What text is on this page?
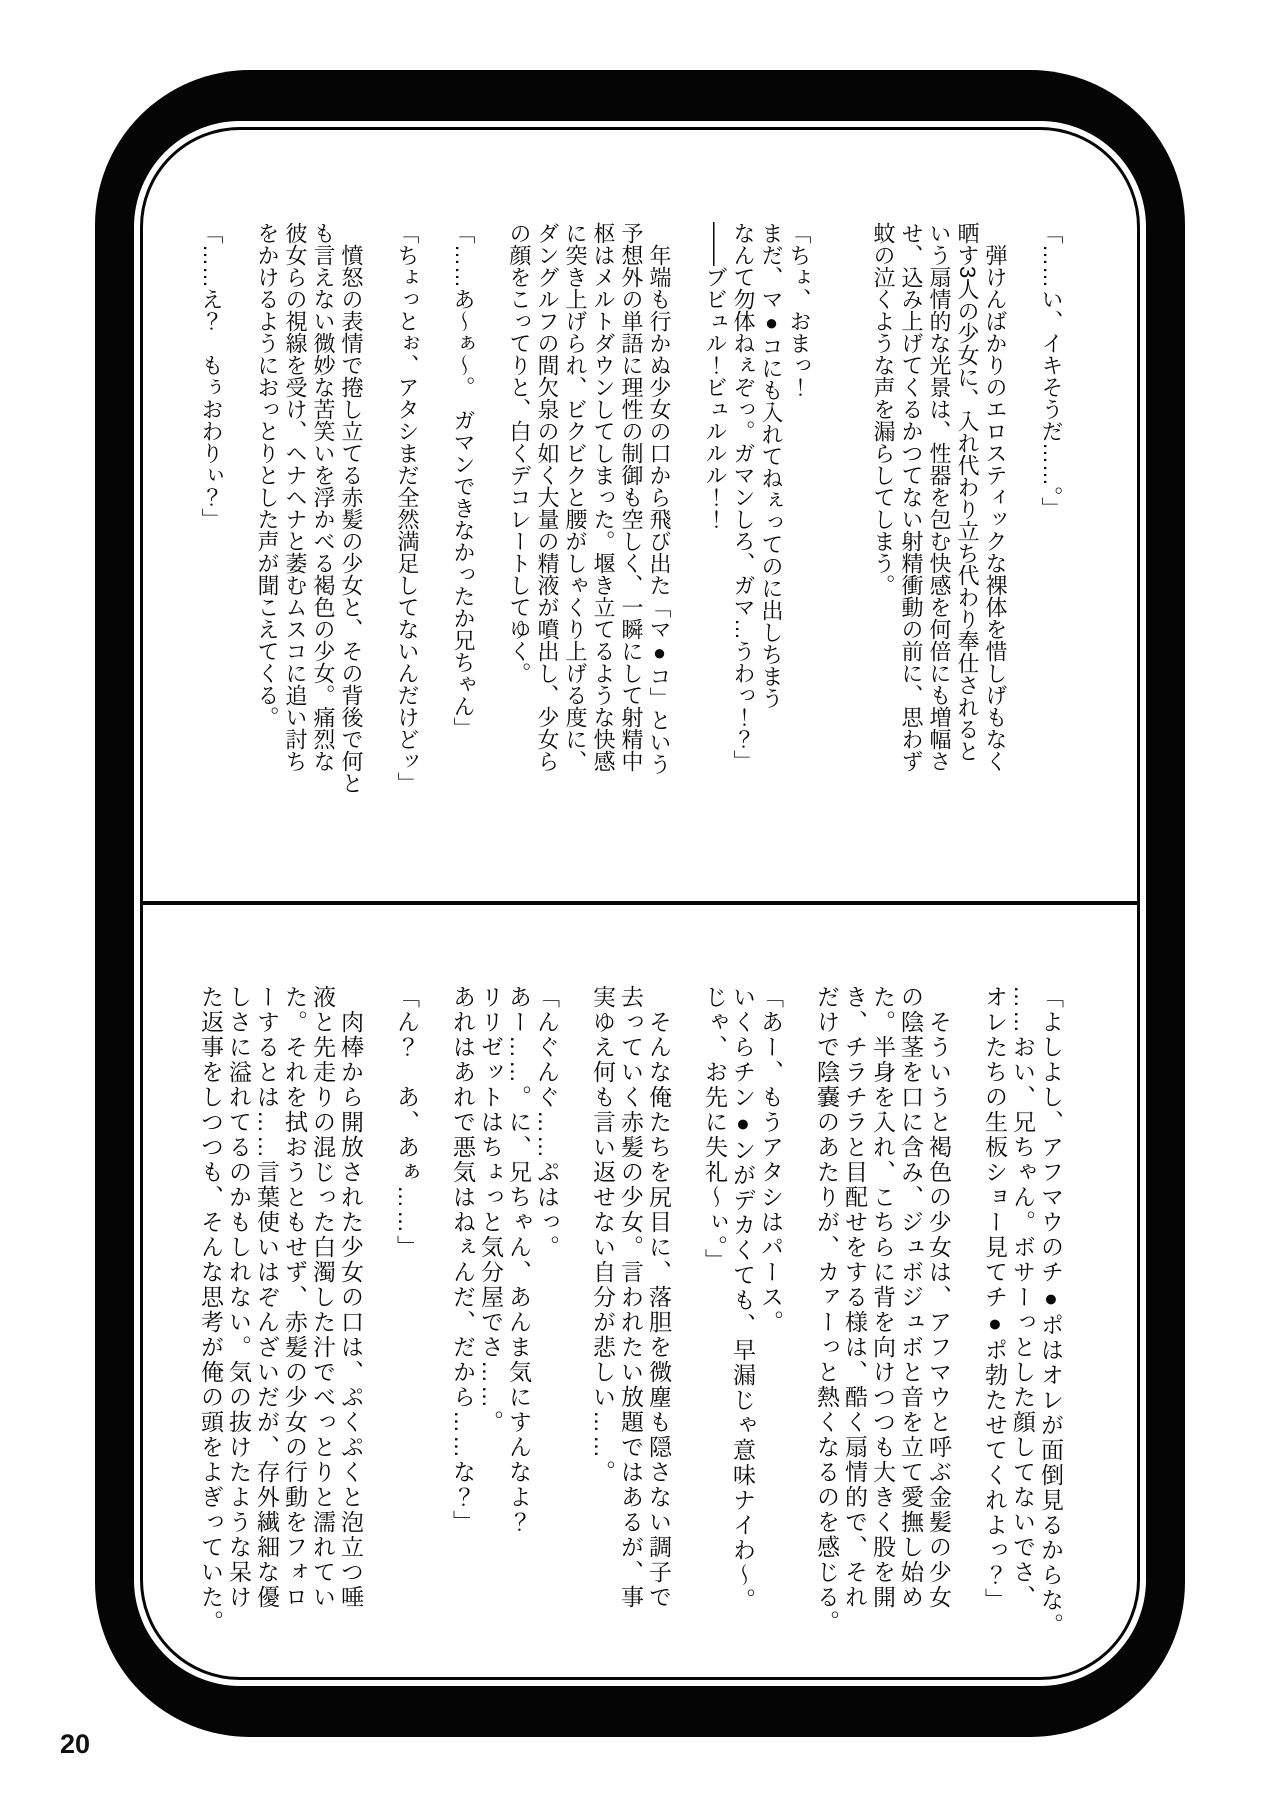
「……い、イキそうだ……。」

　弾けんばかりのエロスティックな裸体を惜しげもなく
晒す3人の少女に、入れ代わり立ち代わり奉仕されると
いう扇情的な光景は、性器を包む快感を何倍にも増幅さ
せ、込み上げてくるかつてない射精衝動の前に、思わず
蚊の泣くような声を漏らしてしまう。

「ちょ、おまっ！
まだ、マ●コにも入れてねぇってのに出しちまう
なんて勿体ねぇぞっ。ガマンしろ、ガマ…うわっ！？」
――ブビュル！ビュルルル！！

　年端も行かぬ少女の口から飛び出た「マ●コ」という
予想外の単語に理性の制御も空しく、一瞬にして射精中
枢はメルトダウンしてしまった。堰き立てるような快感
に突き上げられ、ビクビクと腰がしゃくり上げる度に、
ダングルフの間欠泉の如く大量の精液が噴出し、少女ら
の顔をこってりと、白くデコレートしてゆく。

「……あ～ぁ～。　ガマンできなかったか兄ちゃん」

「ちょっとぉ、アタシまだ全然満足してないんだけどッ」

　憤怒の表情で捲し立てる赤髪の少女と、その背後で何と
も言えない微妙な苦笑いを浮かべる褐色の少女。痛烈な
彼女らの視線を受け、ヘナヘナと萎むムスコに追い討ち
をかけるようにおっとりとした声が聞こえてくる。

「……え？　もぅおわりぃ？」
「よしよし、アフマウのチ●ポはオレが面倒見るからな。
……おい、兄ちゃん。ボサーっとした顔してないでさ、
オレたちの生板ショー見てチ●ポ勃たせてくれよっ？」

　そういうと褐色の少女は、アフマウと呼ぶ金髪の少女
の陰茎を口に含み、ジュボジュボと音を立て愛撫し始め
た。半身を入れ、こちらに背を向けつつも大きく股を開
き、チラチラと目配せをする様は、酷く扇情的で、それ
だけで陰嚢のあたりが、カァーっと熱くなるのを感じる。

「あー、もうアタシはパース。
いくらチン●ンがデカくても、早漏じゃ意味ナイわ～。
じゃ、お先に失礼～ぃ。」

　そんな俺たちを尻目に、落胆を微塵も隠さない調子で
去っていく赤髪の少女。言われたい放題ではあるが、事
実ゆえ何も言い返せない自分が悲しい……。

「んぐんぐ……ぷはっ。
あー……。に、兄ちゃん、あんま気にすんなよ？
リリゼットはちょっと気分屋でさ……。
あれはあれで悪気はねぇんだ、だから……な？」

「ん？　あ、あぁ……」

　肉棒から開放された少女の口は、ぷくぷくと泡立つ唾
液と先走りの混じった白濁した汁でべっとりと濡れてい
た。それを拭おうともせず、赤髪の少女の行動をフォロ
ーするとは……言葉使いはぞんざいだが、存外繊細な優
しさに溢れてるのかもしれない。気の抜けたような呆け
た返事をしつつも、そんな思考が俺の頭をよぎっていた。
20
